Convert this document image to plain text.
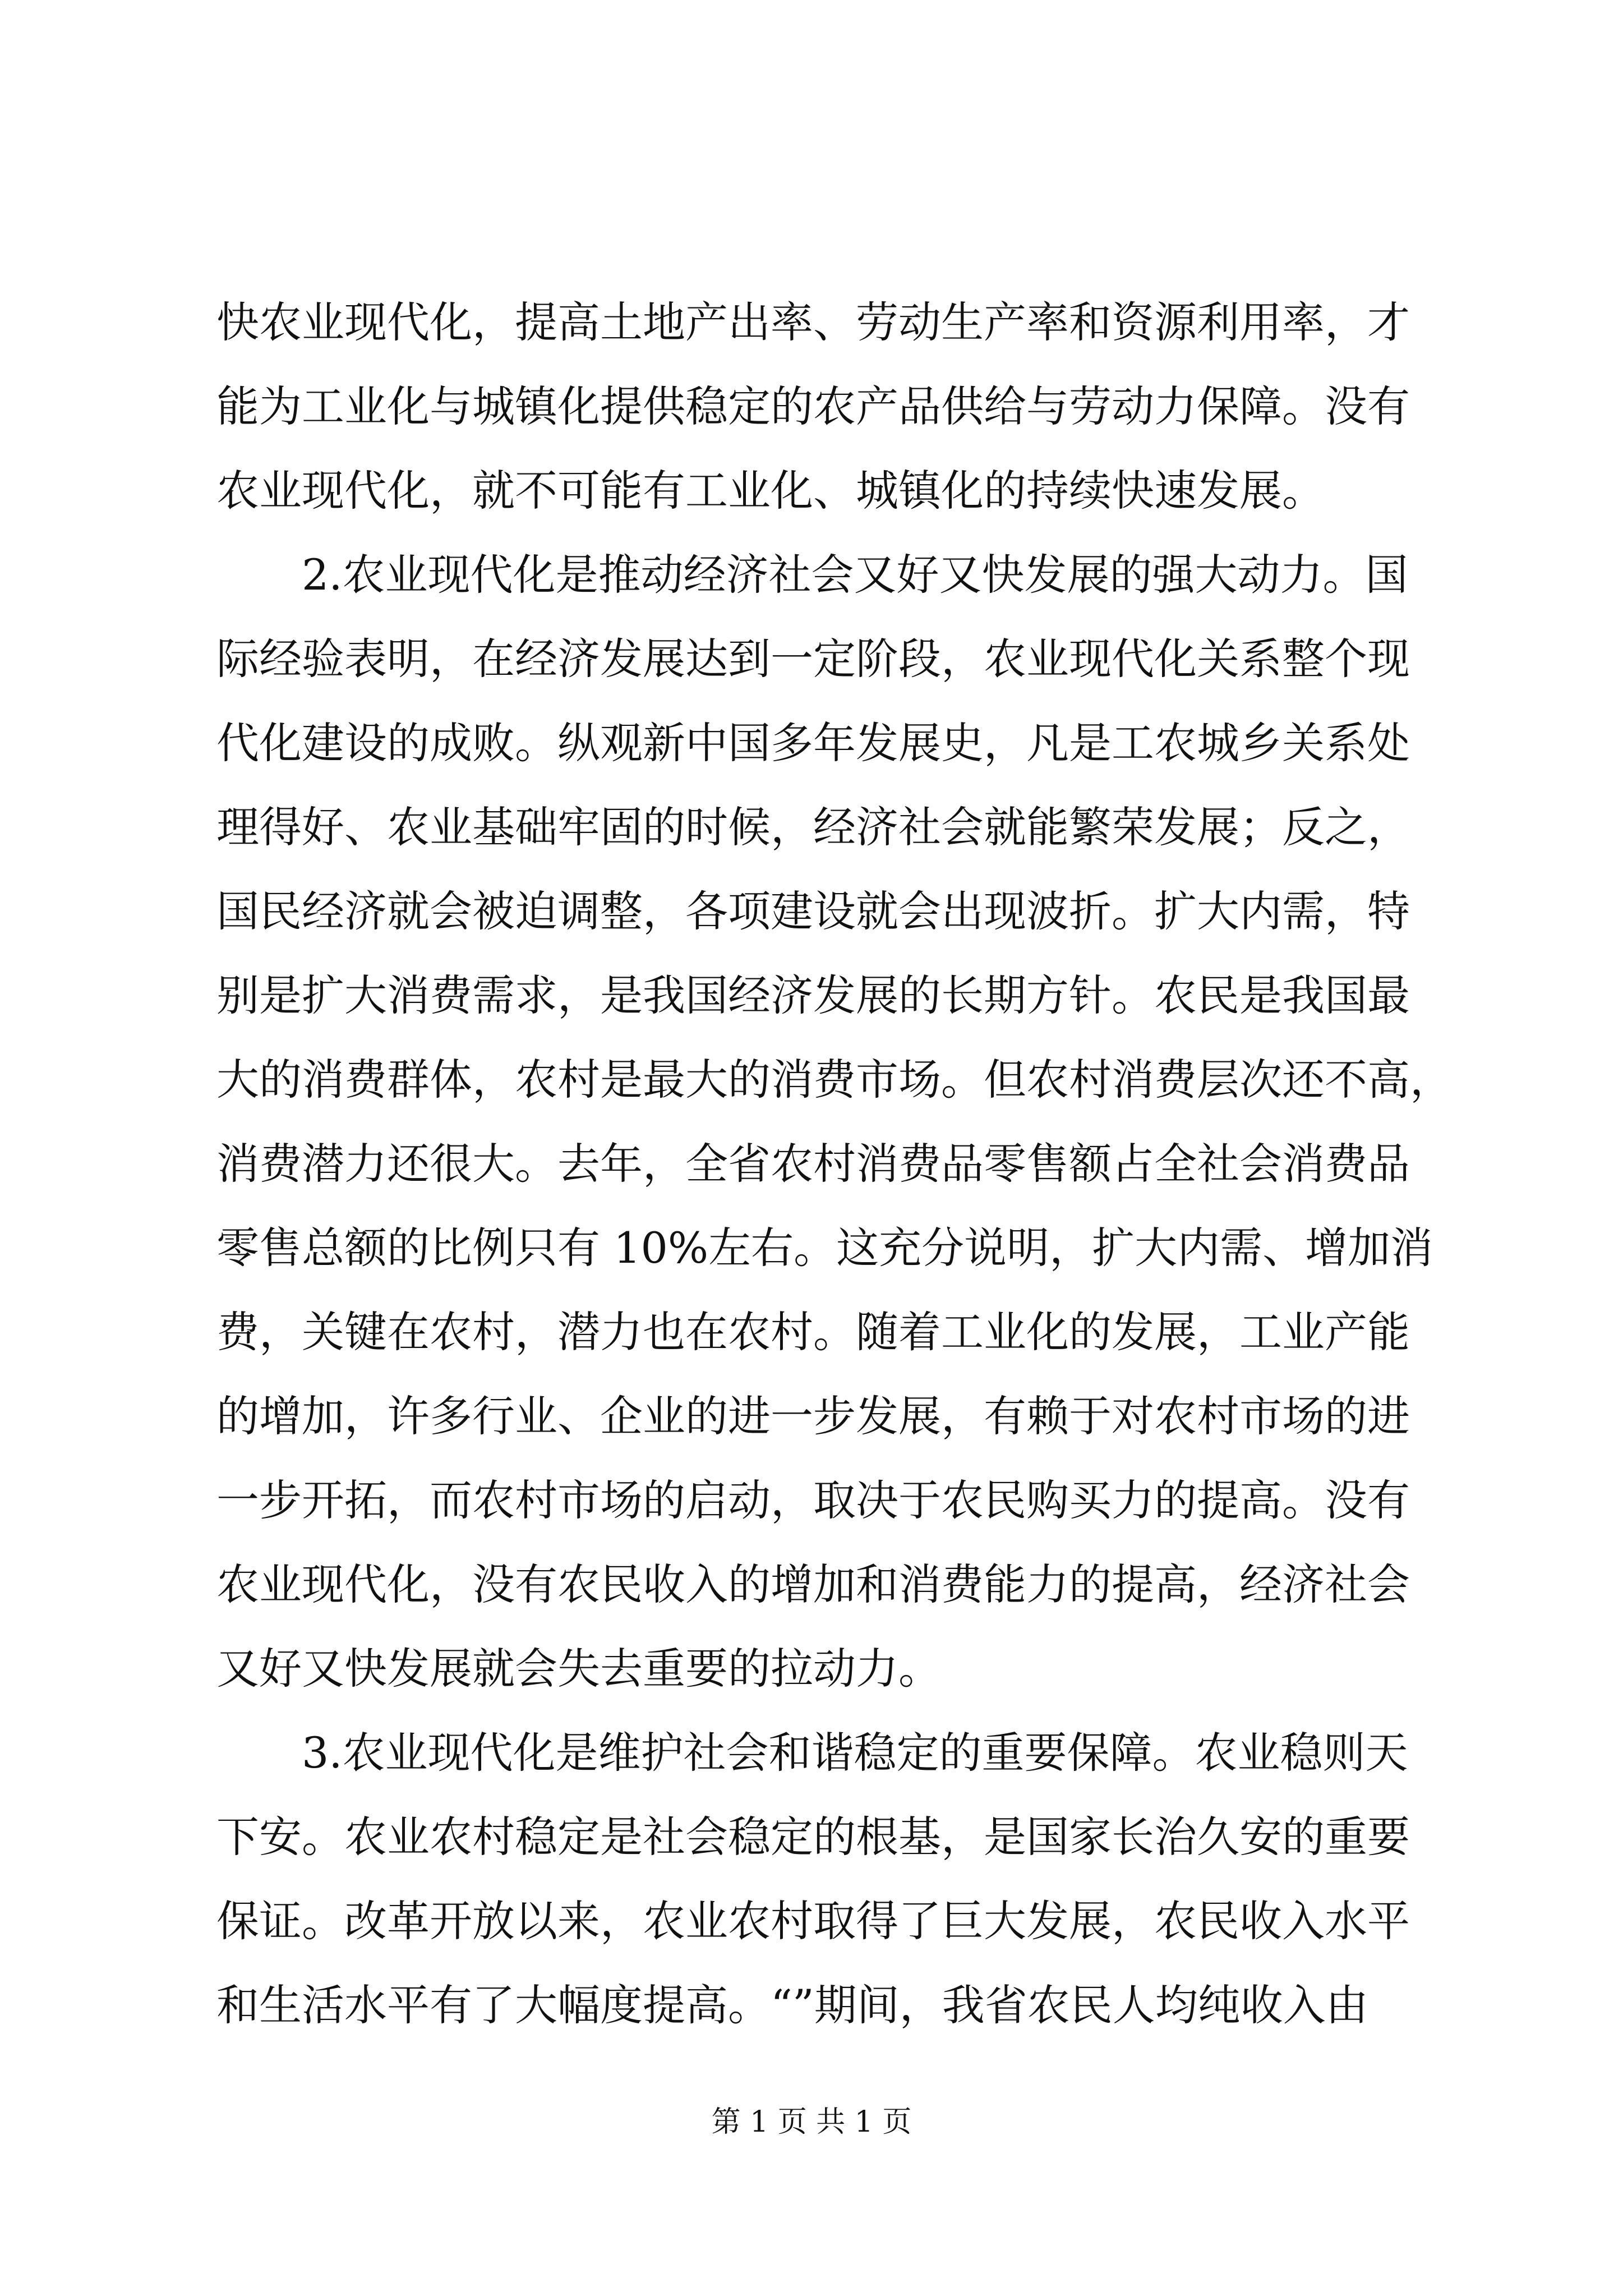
快农业现代化，提高土地产出率、劳动生产率和资源利用率，才
能为工业化与城镇化提供稳定的农产品供给与劳动力保障。没有
农业现代化，就不可能有工业化、城镇化的持续快速发展。
2.农业现代化是推动经济社会又好又快发展的强大动力。国
际经验表明，在经济发展达到一定阶段，农业现代化关系整个现
代化建设的成败。纵观新中国多年发展史，凡是工农城乡关系处
理得好、农业基础牢固的时候，经济社会就能繁荣发展；反之，
国民经济就会被迫调整，各项建设就会出现波折。扩大内需，特
别是扩大消费需求，是我国经济发展的长期方针。农民是我国最
大的消费群体，农村是最大的消费市场。但农村消费层次还不高，
消费潜力还很大。去年，全省农村消费品零售额占全社会消费品
零售总额的比例只有 10%左右。这充分说明，扩大内需、增加消
费，关键在农村，潜力也在农村。随着工业化的发展，工业产能
的增加，许多行业、企业的进一步发展，有赖于对农村市场的进
一步开拓，而农村市场的启动，取决于农民购买力的提高。没有
农业现代化，没有农民收入的增加和消费能力的提高，经济社会
又好又快发展就会失去重要的拉动力。
3.农业现代化是维护社会和谐稳定的重要保障。农业稳则天
下安。农业农村稳定是社会稳定的根基，是国家长治久安的重要
保证。改革开放以来，农业农村取得了巨大发展，农民收入水平
和生活水平有了大幅度提高。“”期间，我省农民人均纯收入由
第 1 页 共 1 页
